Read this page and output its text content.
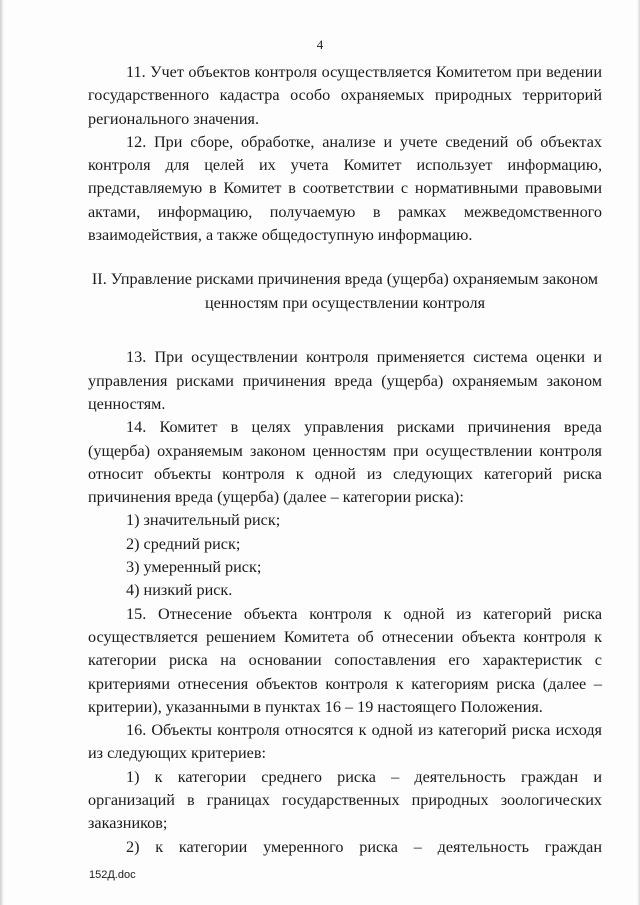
4

11. Учет объектов контроля осуществляется Комитетом при ведении государственного кадастра особо охраняемых природных территорий регионального значения.

12. При сборе, обработке, анализе и учете сведений об объектах контроля для целей их учета Комитет использует информацию, представляемую в Комитет в соответствии с нормативными правовыми актами, информацию, получаемую в рамках межведомственного взаимодействия, а также общедоступную информацию.

II. Управление рисками причинения вреда (ущерба) охраняемым законом ценностям при осуществлении контроля

13. При осуществлении контроля применяется система оценки и управления рисками причинения вреда (ущерба) охраняемым законом ценностям.

14. Комитет в целях управления рисками причинения вреда (ущерба) охраняемым законом ценностям при осуществлении контроля относит объекты контроля к одной из следующих категорий риска причинения вреда (ущерба) (далее – категории риска):

1) значительный риск;

2) средний риск;

3) умеренный риск;

4) низкий риск.

15. Отнесение объекта контроля к одной из категорий риска осуществляется решением Комитета об отнесении объекта контроля к категории риска на основании сопоставления его характеристик с критериями отнесения объектов контроля к категориям риска (далее – критерии), указанными в пунктах 16 – 19 настоящего Положения.

16. Объекты контроля относятся к одной из категорий риска исходя из следующих критериев:

1) к категории среднего риска – деятельность граждан и организаций в границах государственных природных зоологических заказников;

2) к категории умеренного риска – деятельность граждан

152Д.doc
